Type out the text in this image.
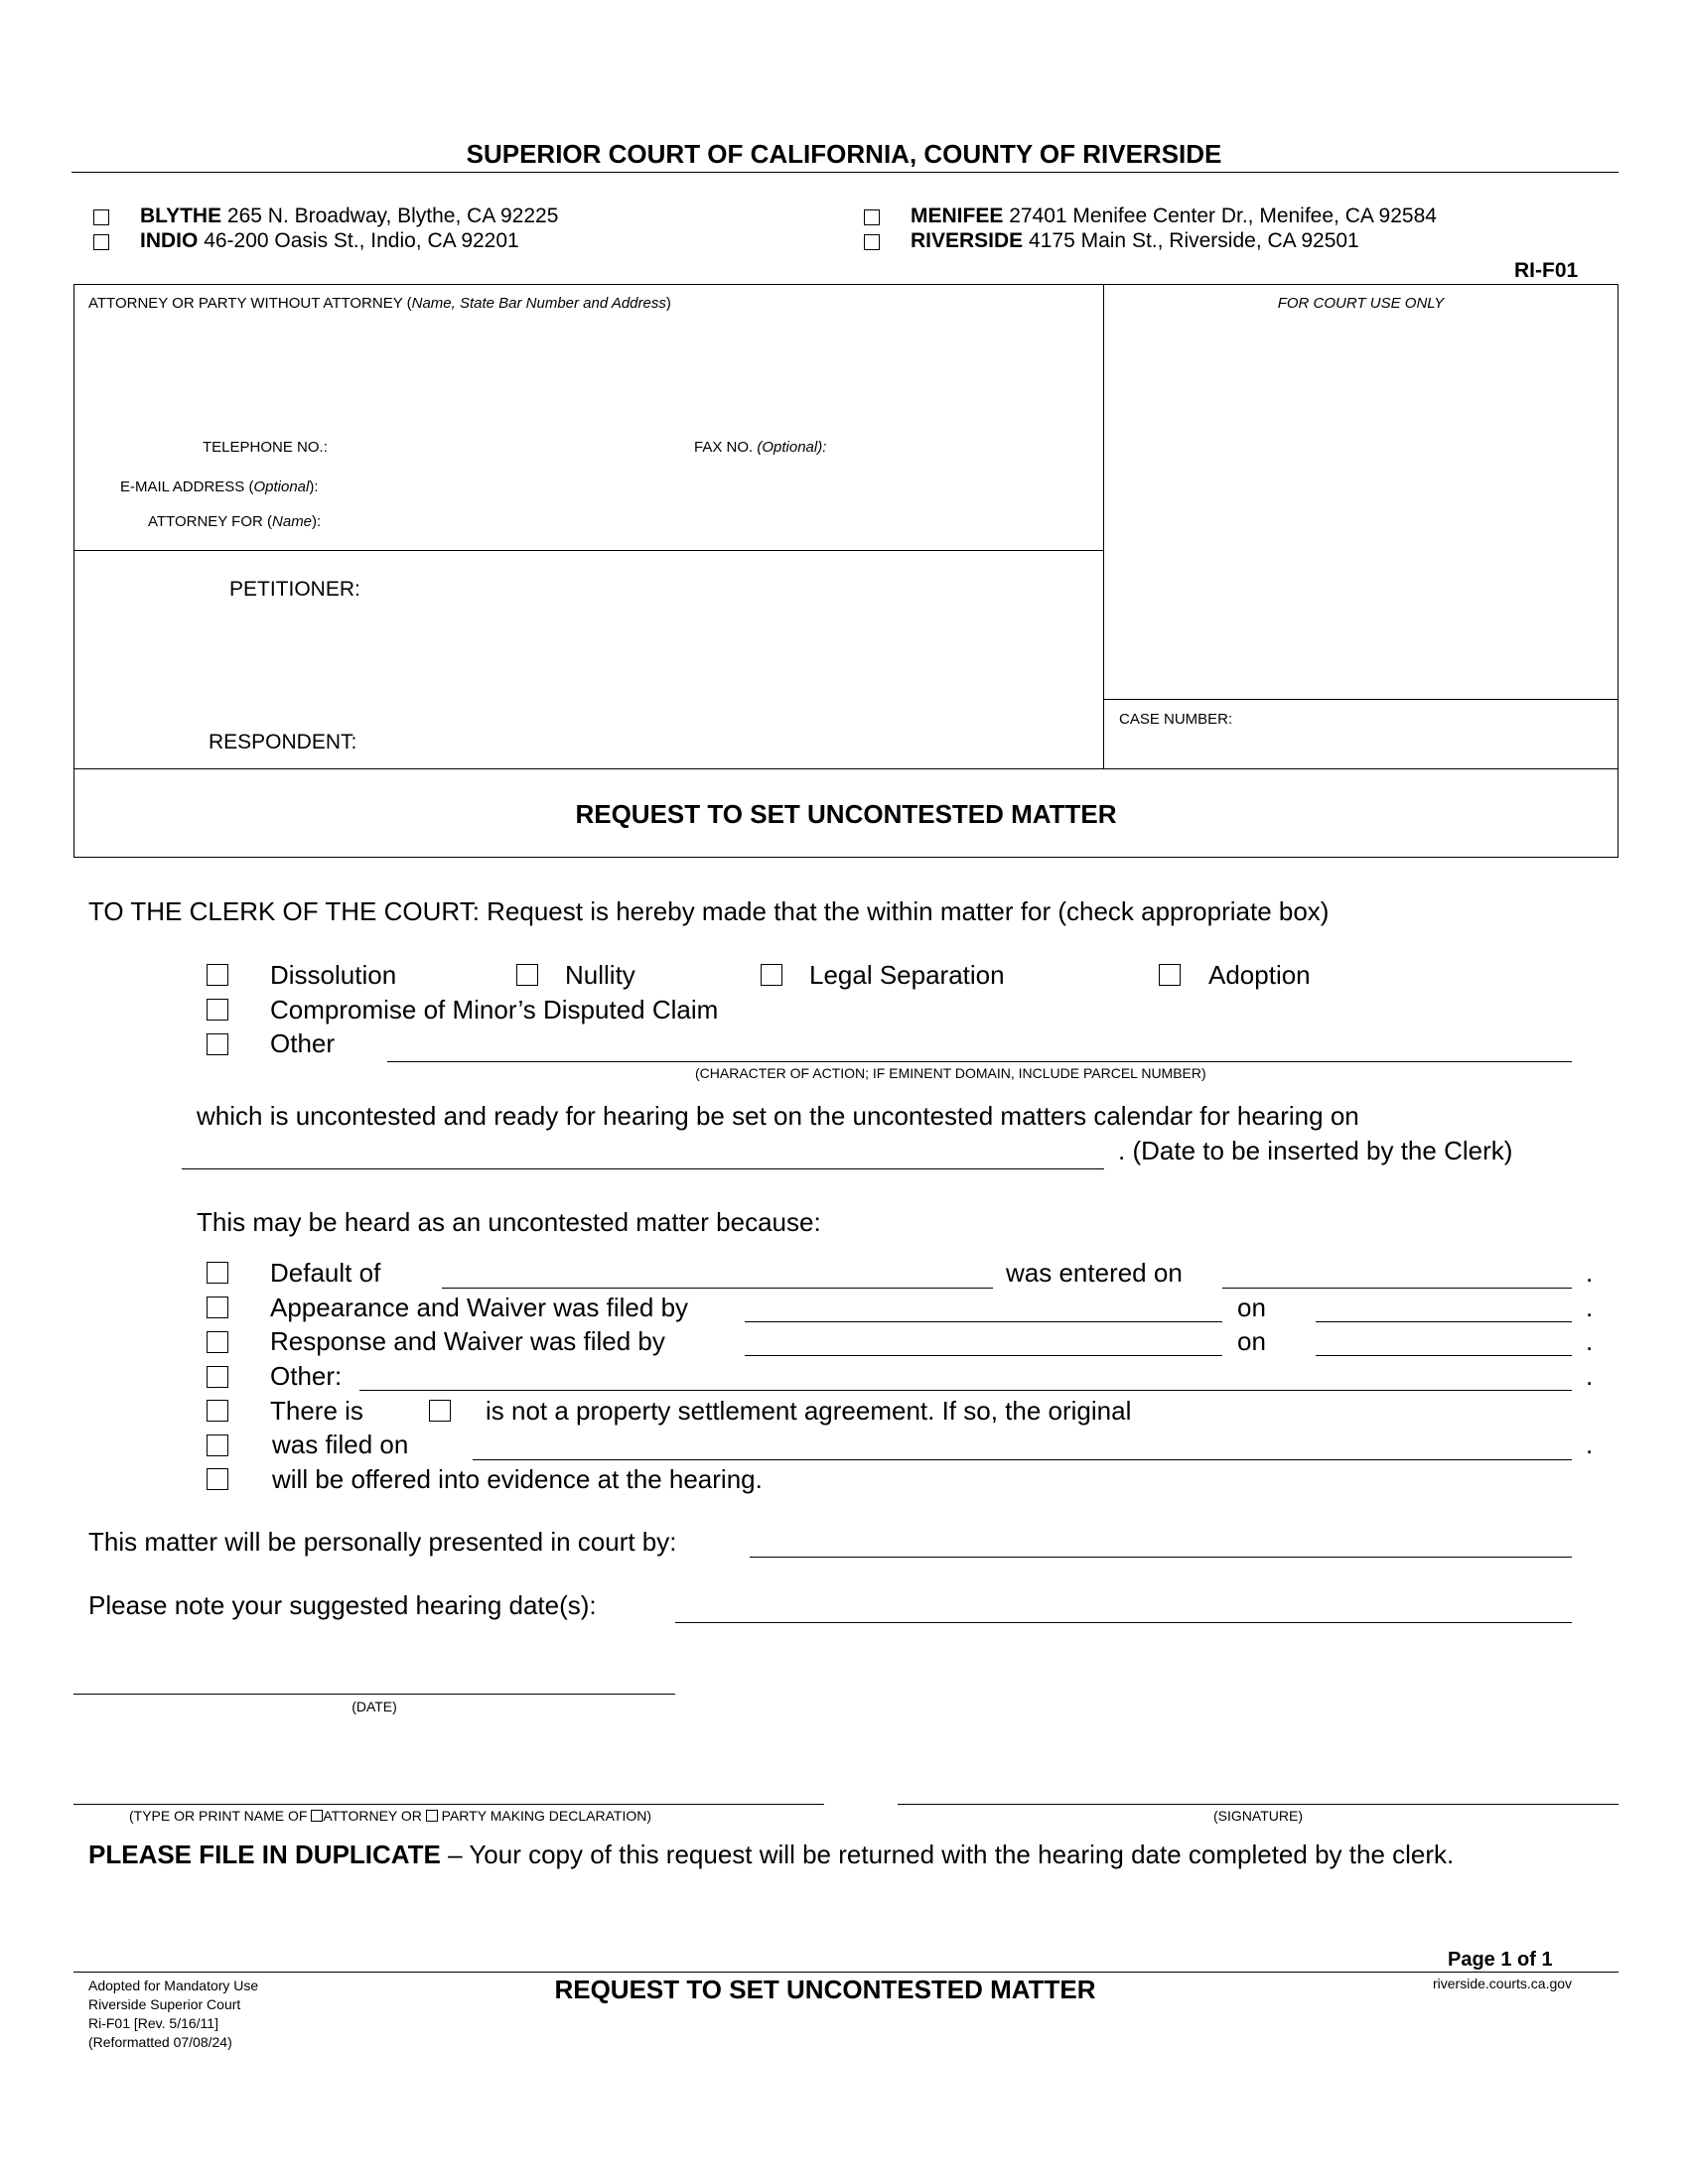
SUPERIOR COURT OF CALIFORNIA, COUNTY OF RIVERSIDE
BLYTHE 265 N. Broadway, Blythe, CA 92225
INDIO 46-200 Oasis St., Indio, CA 92201
MENIFEE 27401 Menifee Center Dr., Menifee, CA 92584
RIVERSIDE 4175 Main St., Riverside, CA 92501
RI-F01
ATTORNEY OR PARTY WITHOUT ATTORNEY (Name, State Bar Number and Address)	FOR COURT USE ONLY
TELEPHONE NO.:	FAX NO. (Optional):
E-MAIL ADDRESS (Optional):
ATTORNEY FOR (Name):
PETITIONER:
RESPONDENT:
CASE NUMBER:
REQUEST TO SET UNCONTESTED MATTER
TO THE CLERK OF THE COURT: Request is hereby made that the within matter for (check appropriate box)
Dissolution	Nullity	Legal Separation	Adoption
Compromise of Minor’s Disputed Claim
Other
(CHARACTER OF ACTION; IF EMINENT DOMAIN, INCLUDE PARCEL NUMBER)
which is uncontested and ready for hearing be set on the uncontested matters calendar for hearing on
. (Date to be inserted by the Clerk)
This may be heard as an uncontested matter because:
Default of	was entered on	.
Appearance and Waiver was filed by	on	.
Response and Waiver was filed by	on	.
Other:	.
There is	is not a property settlement agreement. If so, the original
was filed on	.
will be offered into evidence at the hearing.
This matter will be personally presented in court by:
Please note your suggested hearing date(s):
(DATE)
(TYPE OR PRINT NAME OF ATTORNEY OR  PARTY MAKING DECLARATION)	(SIGNATURE)
PLEASE FILE IN DUPLICATE – Your copy of this request will be returned with the hearing date completed by the clerk.
Page 1 of 1
Adopted for Mandatory Use
Riverside Superior Court
Ri-F01 [Rev. 5/16/11]
(Reformatted 07/08/24)
REQUEST TO SET UNCONTESTED MATTER	riverside.courts.ca.gov
